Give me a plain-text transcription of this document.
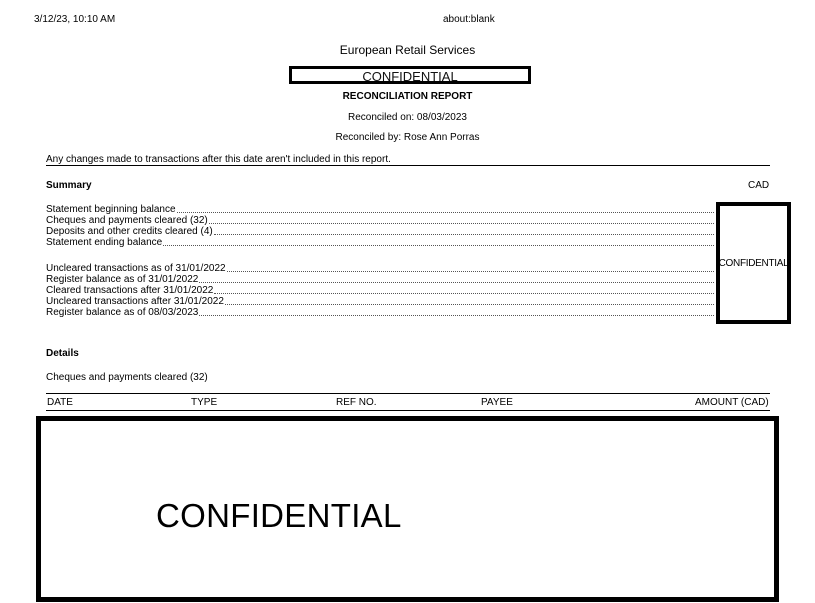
3/12/23, 10:10 AM	about:blank
European Retail Services
CONFIDENTIAL
RECONCILIATION REPORT
Reconciled on: 08/03/2023
Reconciled by: Rose Ann Porras
Any changes made to transactions after this date aren't included in this report.
Summary	CAD
Statement beginning balance
Cheques and payments cleared (32)
Deposits and other credits cleared (4)
Statement ending balance
Uncleared transactions as of 31/01/2022
Register balance as of 31/01/2022
Cleared transactions after 31/01/2022
Uncleared transactions after 31/01/2022
Register balance as of 08/03/2023
CONFIDENTIAL
Details
Cheques and payments cleared (32)
DATE	TYPE	REF NO.	PAYEE	AMOUNT (CAD)
CONFIDENTIAL
